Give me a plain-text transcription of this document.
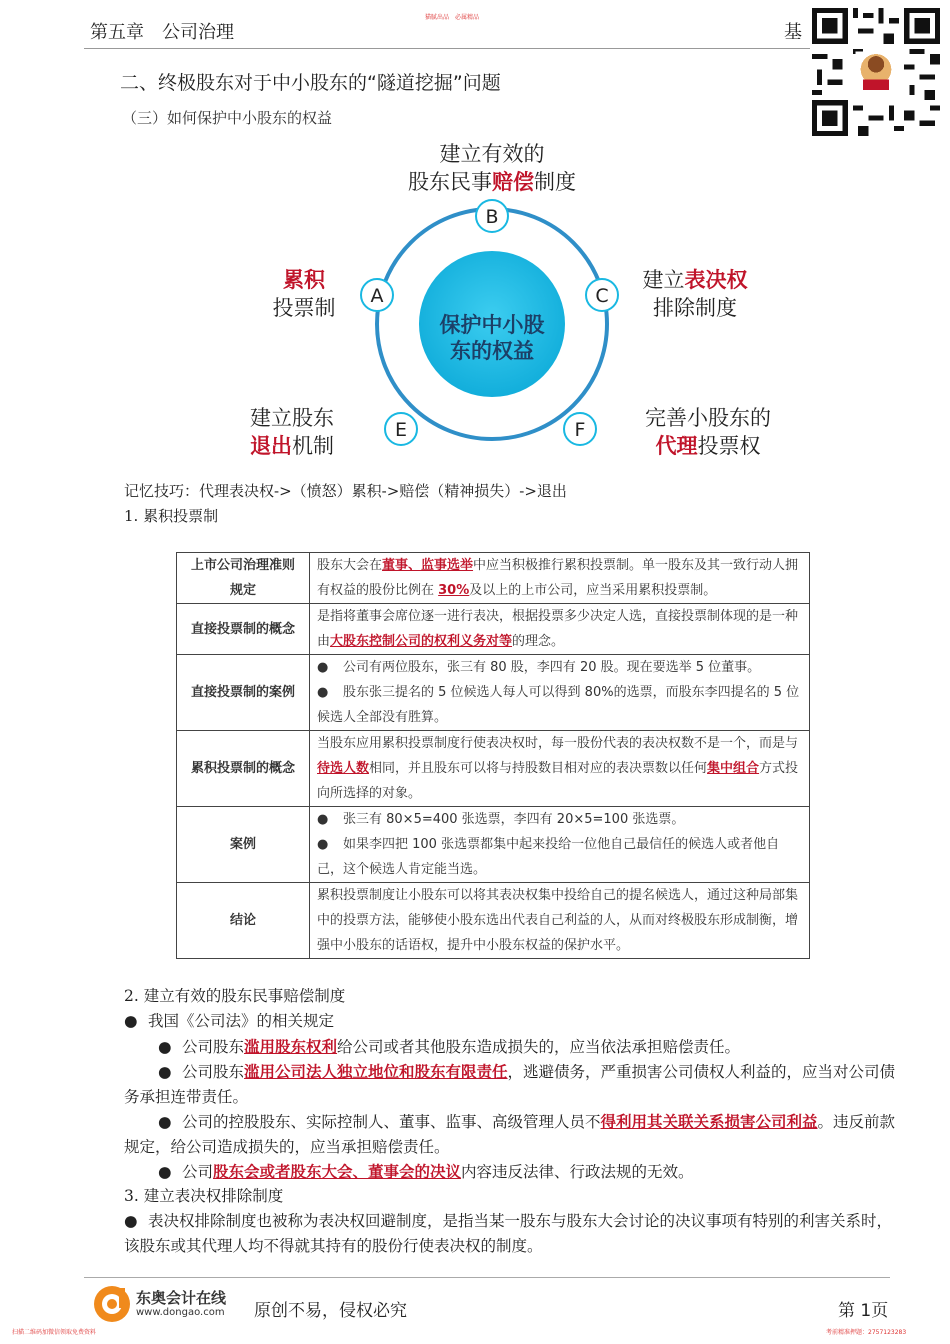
猫腻出品　必属精品
第五章 公司治理	基
二、终极股东对于中小股东的“隧道挖掘”问题
（三）如何保护中小股东的权益
B
A	C
E	F
保护中小股
东的权益
建立有效的
股东民事赔偿制度
累积
投票制
建立表决权
排除制度
建立股东
退出机制
完善小股东的
代理投票权
记忆技巧：代理表决权->（愤怒）累积->赔偿（精神损失）->退出
1. 累积投票制
上市公司治理准则
规定	股东大会在董事、监事选举中应当积极推行累积投票制。单一股东及其一致行动人拥有权益的股份比例在 30%及以上的上市公司，应当采用累积投票制。
直接投票制的概念	是指将董事会席位逐一进行表决，根据投票多少决定人选，直接投票制体现的是一种由大股东控制公司的权利义务对等的理念。
直接投票制的案例	● 公司有两位股东，张三有 80 股，李四有 20 股。现在要选举 5 位董事。
● 股东张三提名的 5 位候选人每人可以得到 80%的选票，而股东李四提名的 5 位候选人全部没有胜算。

累积投票制的概念	当股东应用累积投票制度行使表决权时，每一股份代表的表决权数不是一个，而是与待选人数相同，并且股东可以将与持股数目相对应的表决票数以任何集中组合方式投向所选择的对象。
案例	● 张三有 80×5=400 张选票，李四有 20×5=100 张选票。
● 如果李四把 100 张选票都集中起来投给一位他自己最信任的候选人或者他自己，这个候选人肯定能当选。

结论	累积投票制度让小股东可以将其表决权集中投给自己的提名候选人，通过这种局部集中的投票方法，能够使小股东选出代表自己利益的人，从而对终极股东形成制衡，增强中小股东的话语权，提升中小股东权益的保护水平。
2. 建立有效的股东民事赔偿制度
● 我国《公司法》的相关规定
● 公司股东滥用股东权利给公司或者其他股东造成损失的，应当依法承担赔偿责任。
● 公司股东滥用公司法人独立地位和股东有限责任，逃避债务，严重损害公司债权人利益的，应当对公司债务承担连带责任。
● 公司的控股股东、实际控制人、董事、监事、高级管理人员不得利用其关联关系损害公司利益。违反前款规定，给公司造成损失的，应当承担赔偿责任。
● 公司股东会或者股东大会、董事会的决议内容违反法律、行政法规的无效。
3. 建立表决权排除制度
● 表决权排除制度也被称为表决权回避制度，是指当某一股东与股东大会讨论的决议事项有特别的利害关系时，该股东或其代理人均不得就其持有的股份行使表决权的制度。
东奥会计在线
www.dongao.com 原创不易，侵权必究	第 1页
扫描二维码加微信领取免费资料	考前精准押题：2757123283
